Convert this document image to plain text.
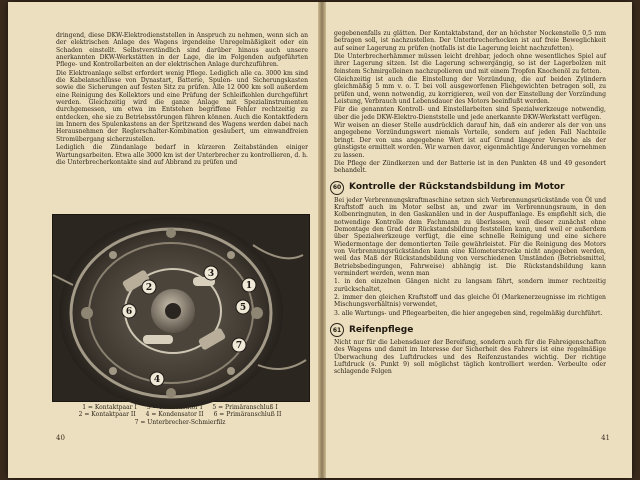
dringend, diese DKW-Elektrodienststellen in Anspruch zu nehmen, wenn sich an der elektrischen Anlage des Wagens irgendeine Unregelmäßigkeit oder ein Schaden einstellt. Selbstverständlich sind darüber hinaus auch unsere anerkannten DKW-Werkstätten in der Lage, die im Folgenden aufgeführten Pflege- und Kontrollarbeiten an der elektrischen Anlage durchzuführen.

Die Elektroanlage selbst erfordert wenig Pflege. Lediglich alle ca. 3000 km sind die Kabelanschlüsse von Dynastart, Batterie, Spulen- und Sicherungskasten sowie die Sicherungen auf festen Sitz zu prüfen. Alle 12 000 km soll außerdem eine Reinigung des Kollektors und eine Prüfung der Schleifkohlen durchgeführt werden. Gleichzeitig wird die ganze Anlage mit Spezialinstrumenten durchgemessen, um etwa im Entstehen begriffene Fehler rechtzeitig zu entdecken, ehe sie zu Betriebsstörungen führen können. Auch die Kontaktfedern im Innern des Spulenkastens an der Spritzwand des Wagens werden dabei nach Herausnehmen der Reglerschalter-Kombination gesäubert, um einwandfreien Stromübergang sicherzustellen.

Lediglich die Zündanlage bedarf in kürzeren Zeitabständen einiger Wartungsarbeiten. Etwa alle 3000 km ist der Unterbrecher zu kontrollieren, d. h. die Unterbrecherkontakte sind auf Abbrand zu prüfen und

1
2
3
4
5
6
7
1 = Kontaktpaar I 3 = Kondensator I 5 = Primäranschluß I
2 = Kontaktpaar II 4 = Kondensator II 6 = Primäranschluß II
7 = Unterbrecher-Schmierfilz
40

gegebenenfalls zu glätten. Der Kontaktabstand, der an höchster Nockenstelle 0,5 mm betragen soll, ist nachzustellen. Der Unterbrecherhocken ist auf freie Beweglichkeit auf seiner Lagerung zu prüfen (notfalls ist die Lagerung leicht nachzufetten).

Die Unterbrecherhämmer müssen leicht drehbar, jedoch ohne wesentliches Spiel auf ihrer Lagerung sitzen. Ist die Lagerung schwergängig, so ist der Lagerbolzen mit feinstem Schmirgelleinen nachzupolieren und mit einem Tropfen Knochenöl zu fetten.

Gleichzeitig ist auch die Einstellung der Vorzündung, die auf beiden Zylindern gleichmäßig 5 mm v. o. T. bei voll ausgeworfenen Fliehgewichten betragen soll, zu prüfen und, wenn notwendig, zu korrigieren, weil von der Einstellung der Vorzündung Leistung, Verbrauch und Lebensdauer des Motors beeinflußt werden.

Für die genannten Kontroll- und Einstellarbeiten sind Spezialwerkzeuge notwendig, über die jede DKW-Elektro-Dienststelle und jede anerkannte DKW-Werkstatt verfügen.

Wir weisen an dieser Stelle ausdrücklich darauf hin, daß ein anderer als der von uns angegebene Vorzündungswert niemals Vorteile, sondern auf jeden Fall Nachteile bringt. Der von uns angegebene Wert ist auf Grund längerer Versuche als der günstigste ermittelt worden. Wir warnen davor, eigenmächtige Änderungen vornehmen zu lassen.

Die Pflege der Zündkerzen und der Batterie ist in den Punkten 48 und 49 gesondert behandelt.

60 Kontrolle der Rückstandsbildung im Motor

Bei jeder Verbrennungskraftmaschine setzen sich Verbrennungsrückstände von Öl und Kraftstoff auch im Motor selbst an, und zwar im Verbrennungsraum, in den Kolbenringnuten, in den Gaskanälen und in der Auspuffanlage. Es empfiehlt sich, die notwendige Kontrolle dem Fachmann zu überlassen, weil dieser zunächst ohne Demontage den Grad der Rückstandsbildung feststellen kann, und weil er außerdem über Spezialwerkzeuge verfügt, die eine schnelle Reinigung und eine sichere Wiedermontage der demontierten Teile gewährleistet. Für die Reinigung des Motors von Verbrennungsrückständen kann eine Kilometerstrecke nicht angegeben werden, weil das Maß der Rückstandsbildung von verschiedenen Umständen (Betriebsmittel, Betriebsbedingungen, Fahrweise) abhängig ist. Die Rückstandsbildung kann vermindert werden, wenn man

1. in den einzelnen Gängen nicht zu langsam fährt, sondern immer rechtzeitig zurückschaltet,

2. immer den gleichen Kraftstoff und das gleiche Öl (Markenerzeugnisse im richtigen Mischungsverhältnis) verwendet,

3. alle Wartungs- und Pflegearbeiten, die hier angegeben sind, regelmäßig durchführt.

61 Reifenpflege

Nicht nur für die Lebensdauer der Bereifung, sondern auch für die Fahreigenschaften des Wagens und damit im Interesse der Sicherheit des Fahrers ist eine regelmäßige Überwachung des Luftdruckes und des Reifenzustandes wichtig. Der richtige Luftdruck (s. Punkt 9) soll möglichst täglich kontrolliert werden. Verbeulte oder schlagende Felgen

41
